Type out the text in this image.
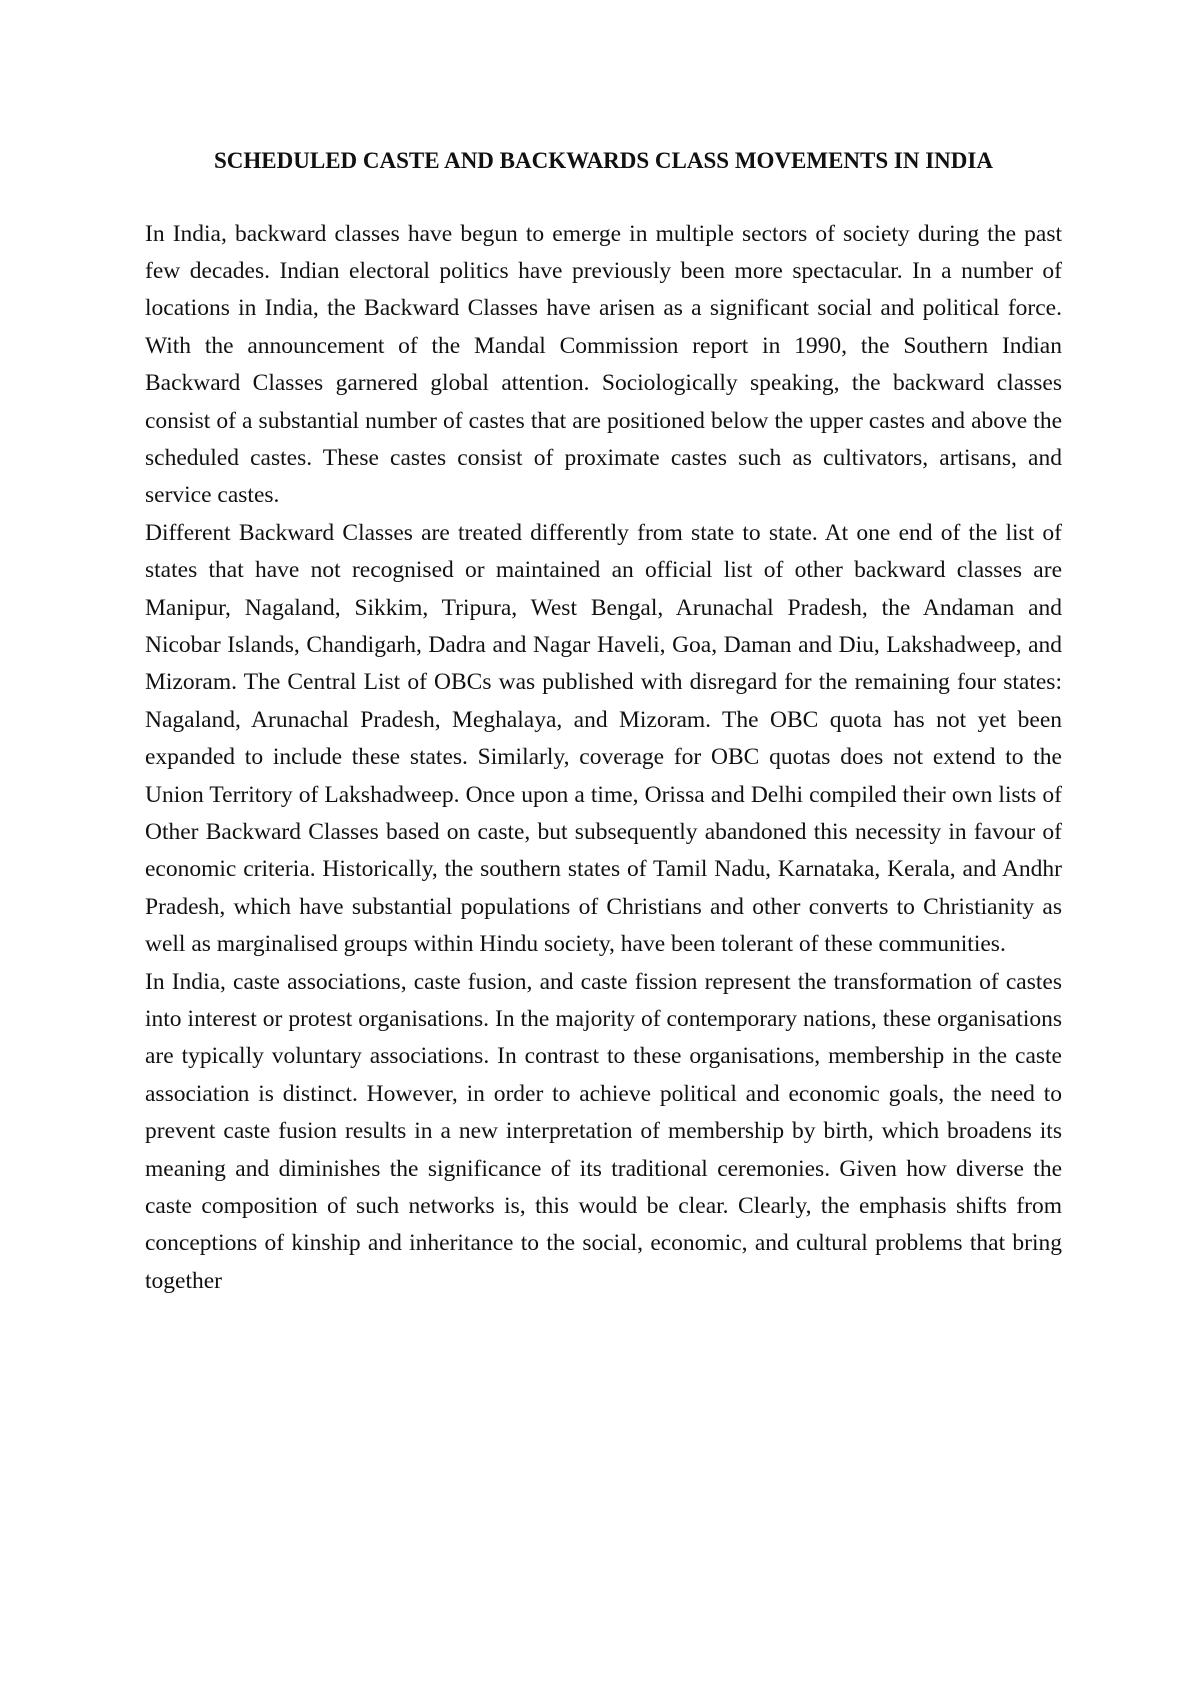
SCHEDULED CASTE AND BACKWARDS CLASS MOVEMENTS IN INDIA

In India, backward classes have begun to emerge in multiple sectors of society during the past few decades. Indian electoral politics have previously been more spectacular. In a number of locations in India, the Backward Classes have arisen as a significant social and political force. With the announcement of the Mandal Commission report in 1990, the Southern Indian Backward Classes garnered global attention. Sociologically speaking, the backward classes consist of a substantial number of castes that are positioned below the upper castes and above the scheduled castes. These castes consist of proximate castes such as cultivators, artisans, and service castes.

Different Backward Classes are treated differently from state to state. At one end of the list of states that have not recognised or maintained an official list of other backward classes are Manipur, Nagaland, Sikkim, Tripura, West Bengal, Arunachal Pradesh, the Andaman and Nicobar Islands, Chandigarh, Dadra and Nagar Haveli, Goa, Daman and Diu, Lakshadweep, and Mizoram. The Central List of OBCs was published with disregard for the remaining four states: Nagaland, Arunachal Pradesh, Meghalaya, and Mizoram. The OBC quota has not yet been expanded to include these states. Similarly, coverage for OBC quotas does not extend to the Union Territory of Lakshadweep. Once upon a time, Orissa and Delhi compiled their own lists of Other Backward Classes based on caste, but subsequently abandoned this necessity in favour of economic criteria. Historically, the southern states of Tamil Nadu, Karnataka, Kerala, and Andhr Pradesh, which have substantial populations of Christians and other converts to Christianity as well as marginalised groups within Hindu society, have been tolerant of these communities.

In India, caste associations, caste fusion, and caste fission represent the transformation of castes into interest or protest organisations. In the majority of contemporary nations, these organisations are typically voluntary associations. In contrast to these organisations, membership in the caste association is distinct. However, in order to achieve political and economic goals, the need to prevent caste fusion results in a new interpretation of membership by birth, which broadens its meaning and diminishes the significance of its traditional ceremonies. Given how diverse the caste composition of such networks is, this would be clear. Clearly, the emphasis shifts from conceptions of kinship and inheritance to the social, economic, and cultural problems that bring together
